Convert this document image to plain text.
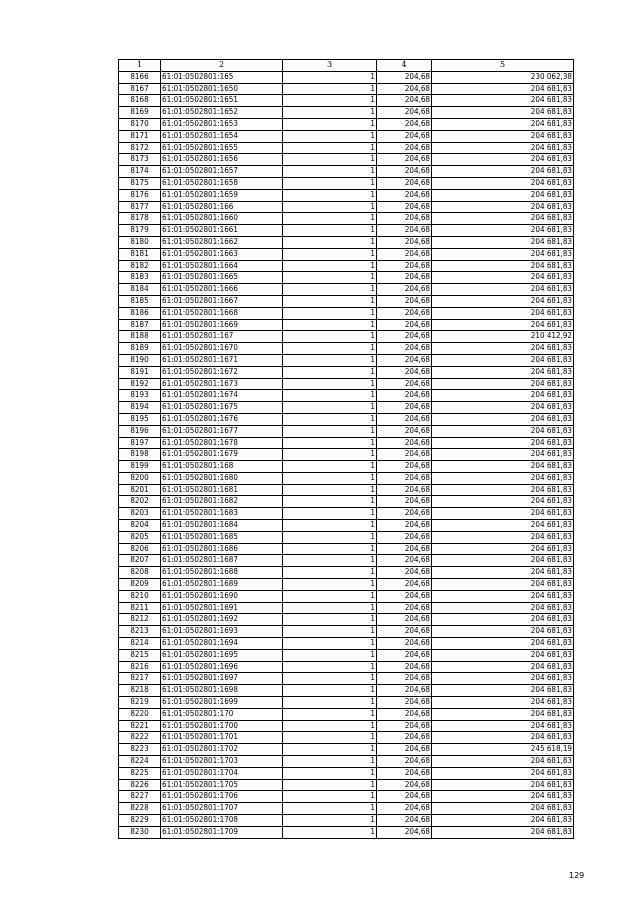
1	2	3	4	5
8166	61:01:0502801:165	1	204,68	230 062,38
8167	61:01:0502801:1650	1	204,68	204 681,83
8168	61:01:0502801:1651	1	204,68	204 681,83
8169	61:01:0502801:1652	1	204,68	204 681,83
8170	61:01:0502801:1653	1	204,68	204 681,83
8171	61:01:0502801:1654	1	204,68	204 681,83
8172	61:01:0502801:1655	1	204,68	204 681,83
8173	61:01:0502801:1656	1	204,68	204 681,83
8174	61:01:0502801:1657	1	204,68	204 681,83
8175	61:01:0502801:1658	1	204,68	204 681,83
8176	61:01:0502801:1659	1	204,68	204 681,83
8177	61:01:0502801:166	1	204,68	204 681,83
8178	61:01:0502801:1660	1	204,68	204 681,83
8179	61:01:0502801:1661	1	204,68	204 681,83
8180	61:01:0502801:1662	1	204,68	204 681,83
8181	61:01:0502801:1663	1	204,68	204 681,83
8182	61:01:0502801:1664	1	204,68	204 681,83
8183	61:01:0502801:1665	1	204,68	204 681,83
8184	61:01:0502801:1666	1	204,68	204 681,83
8185	61:01:0502801:1667	1	204,68	204 681,83
8186	61:01:0502801:1668	1	204,68	204 681,83
8187	61:01:0502801:1669	1	204,68	204 681,83
8188	61:01:0502801:167	1	204,68	210 412,92
8189	61:01:0502801:1670	1	204,68	204 681,83
8190	61:01:0502801:1671	1	204,68	204 681,83
8191	61:01:0502801:1672	1	204,68	204 681,83
8192	61:01:0502801:1673	1	204,68	204 681,83
8193	61:01:0502801:1674	1	204,68	204 681,83
8194	61:01:0502801:1675	1	204,68	204 681,83
8195	61:01:0502801:1676	1	204,68	204 681,83
8196	61:01:0502801:1677	1	204,68	204 681,83
8197	61:01:0502801:1678	1	204,68	204 681,83
8198	61:01:0502801:1679	1	204,68	204 681,83
8199	61:01:0502801:168	1	204,68	204 681,83
8200	61:01:0502801:1680	1	204,68	204 681,83
8201	61:01:0502801:1681	1	204,68	204 681,83
8202	61:01:0502801:1682	1	204,68	204 681,83
8203	61:01:0502801:1683	1	204,68	204 681,83
8204	61:01:0502801:1684	1	204,68	204 681,83
8205	61:01:0502801:1685	1	204,68	204 681,83
8206	61:01:0502801:1686	1	204,68	204 681,83
8207	61:01:0502801:1687	1	204,68	204 681,83
8208	61:01:0502801:1688	1	204,68	204 681,83
8209	61:01:0502801:1689	1	204,68	204 681,83
8210	61:01:0502801:1690	1	204,68	204 681,83
8211	61:01:0502801:1691	1	204,68	204 681,83
8212	61:01:0502801:1692	1	204,68	204 681,83
8213	61:01:0502801:1693	1	204,68	204 681,83
8214	61:01:0502801:1694	1	204,68	204 681,83
8215	61:01:0502801:1695	1	204,68	204 681,83
8216	61:01:0502801:1696	1	204,68	204 681,83
8217	61:01:0502801:1697	1	204,68	204 681,83
8218	61:01:0502801:1698	1	204,68	204 681,83
8219	61:01:0502801:1699	1	204,68	204 681,83
8220	61:01:0502801:170	1	204,68	204 681,83
8221	61:01:0502801:1700	1	204,68	204 681,83
8222	61:01:0502801:1701	1	204,68	204 681,83
8223	61:01:0502801:1702	1	204,68	245 618,19
8224	61:01:0502801:1703	1	204,68	204 681,83
8225	61:01:0502801:1704	1	204,68	204 681,83
8226	61:01:0502801:1705	1	204,68	204 681,83
8227	61:01:0502801:1706	1	204,68	204 681,83
8228	61:01:0502801:1707	1	204,68	204 681,83
8229	61:01:0502801:1708	1	204,68	204 681,83
8230	61:01:0502801:1709	1	204,68	204 681,83
129
